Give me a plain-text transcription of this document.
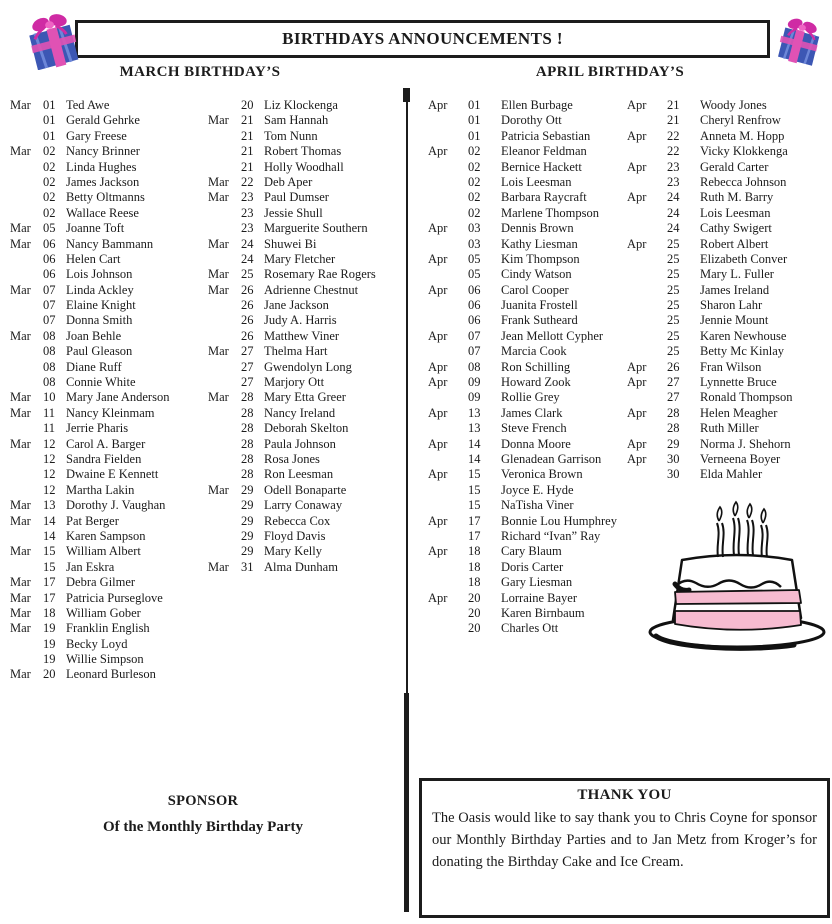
BIRTHDAYS ANNOUNCEMENTS !
MARCH BIRTHDAY’S	APRIL BIRTHDAY’S
Mar 01 Ted Awe
01 Gerald Gehrke
01 Gary Freese
Mar 02 Nancy Brinner
02 Linda Hughes
02 James Jackson
02 Betty Oltmanns
02 Wallace Reese
Mar 05 Joanne Toft
Mar 06 Nancy Bammann
06 Helen Cart
06 Lois Johnson
Mar 07 Linda Ackley
07 Elaine Knight
07 Donna Smith
Mar 08 Joan Behle
08 Paul Gleason
08 Diane Ruff
08 Connie White
Mar 10 Mary Jane Anderson
Mar 11 Nancy Kleinmam
11 Jerrie Pharis
Mar 12 Carol A. Barger
12 Sandra Fielden
12 Dwaine E Kennett
12 Martha Lakin
Mar 13 Dorothy J. Vaughan
Mar 14 Pat Berger
14 Karen Sampson
Mar 15 William Albert
15 Jan Eskra
Mar 17 Debra Gilmer
Mar 17 Patricia Purseglove
Mar 18 William Gober
Mar 19 Franklin English
19 Becky Loyd
19 Willie Simpson
Mar 20 Leonard Burleson
20 Liz Klockenga
Mar 21 Sam Hannah
21 Tom Nunn
21 Robert Thomas
21 Holly Woodhall
Mar 22 Deb Aper
Mar 23 Paul Dumser
23 Jessie Shull
23 Marguerite Southern
Mar 24 Shuwei Bi
24 Mary Fletcher
Mar 25 Rosemary Rae Rogers
Mar 26 Adrienne Chestnut
26 Jane Jackson
26 Judy A. Harris
26 Matthew Viner
Mar 27 Thelma Hart
27 Gwendolyn Long
27 Marjory Ott
Mar 28 Mary Etta Greer
28 Nancy Ireland
28 Deborah Skelton
28 Paula Johnson
28 Rosa Jones
28 Ron Leesman
Mar 29 Odell Bonaparte
29 Larry Conaway
29 Rebecca Cox
29 Floyd Davis
29 Mary Kelly
Mar 31 Alma Dunham
Apr	01	Ellen Burbage
01	Dorothy Ott
01	Patricia Sebastian
Apr	02	Eleanor Feldman
02	Bernice Hackett
02	Lois Leesman
02	Barbara Raycraft
02	Marlene Thompson
Apr	03	Dennis Brown
03	Kathy Liesman
Apr	05	Kim Thompson
05	Cindy Watson
Apr	06	Carol Cooper
06	Juanita Frostell
06	Frank Sutheard
Apr	07	Jean Mellott Cypher
07	Marcia Cook
Apr	08	Ron Schilling
Apr	09	Howard Zook
09	Rollie Grey
Apr	13	James Clark
13	Steve French
Apr	14	Donna Moore
14	Glenadean Garrison
Apr	15	Veronica Brown
15	Joyce E. Hyde
15	NaTisha Viner
Apr	17	Bonnie Lou Humphrey
17	Richard “Ivan” Ray
Apr	18	Cary Blaum
18	Doris Carter
18	Gary Liesman
Apr	20	Lorraine Bayer
20	Karen Birnbaum
20	Charles Ott
Apr	21	Woody Jones
21	Cheryl Renfrow
Apr	22	Anneta M. Hopp
22	Vicky Klokkenga
Apr	23	Gerald Carter
23	Rebecca Johnson
Apr	24	Ruth M. Barry
24	Lois Leesman
24	Cathy Swigert
Apr	25	Robert Albert
25	Elizabeth Conver
25	Mary L. Fuller
25	James Ireland
25	Sharon Lahr
25	Jennie Mount
25	Karen Newhouse
25	Betty Mc Kinlay
Apr	26	Fran Wilson
Apr	27	Lynnette Bruce
27	Ronald Thompson
Apr	28	Helen Meagher
28	Ruth Miller
Apr	29	Norma J. Shehorn
Apr	30	Verneena Boyer
30	Elda Mahler
SPONSOR
Of the Monthly Birthday Party
THANK YOU
The Oasis would like to say thank you to Chris Coyne for sponsor our Monthly Birthday Parties and to Jan Metz from Kroger’s for donating the Birthday Cake and Ice Cream.
